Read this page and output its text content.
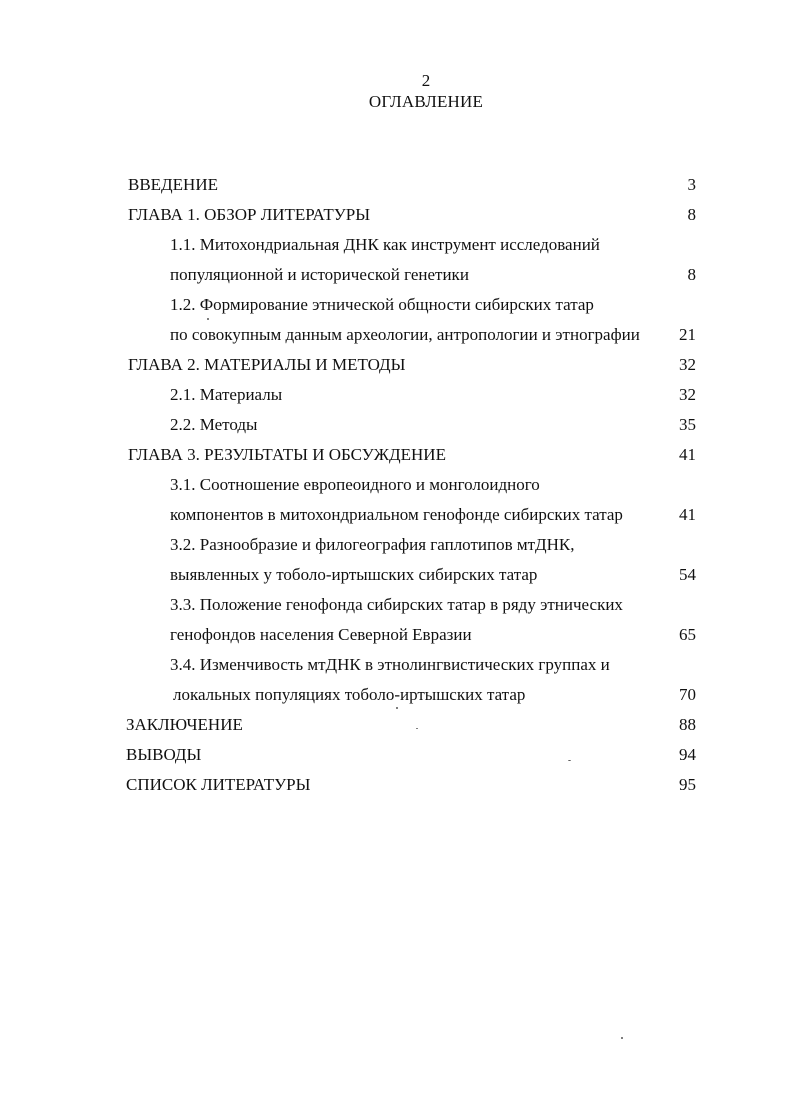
2
ОГЛАВЛЕНИЕ
ВВЕДЕНИЕ	3
ГЛАВА 1. ОБЗОР ЛИТЕРАТУРЫ	8
1.1. Митохондриальная ДНК как инструмент исследований
популяционной и исторической генетики	8
1.2. Формирование этнической общности сибирских татар
по совокупным данным археологии, антропологии и этнографии 21
ГЛАВА 2. МАТЕРИАЛЫ И МЕТОДЫ	32
2.1. Материалы	32
2.2. Методы	35
ГЛАВА 3. РЕЗУЛЬТАТЫ И ОБСУЖДЕНИЕ	41
3.1. Соотношение европеоидного и монголоидного
компонентов в митохондриальном генофонде сибирских татар	41
3.2. Разнообразие и филогеография гаплотипов мтДНК,
выявленных у тоболо-иртышских сибирских татар	54
3.3. Положение генофонда сибирских татар в ряду этнических
генофондов населения Северной Евразии	65
3.4. Изменчивость мтДНК в этнолингвистических группах и
локальных популяциях тоболо-иртышских татар	70
ЗАКЛЮЧЕНИЕ	88
ВЫВОДЫ	94
СПИСОК ЛИТЕРАТУРЫ	95
